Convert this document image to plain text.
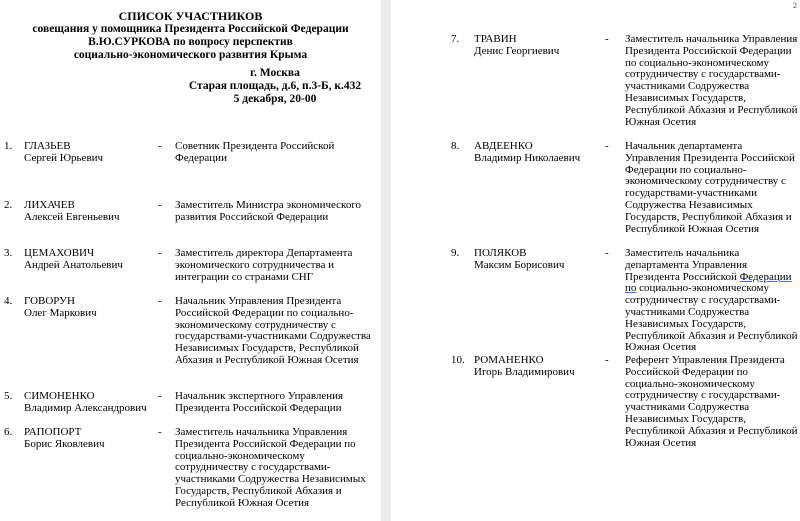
СПИСОК УЧАСТНИКОВ
совещания у помощника Президента Российской Федерации
В.Ю.СУРКОВА по вопросу перспектив
социально-экономического развития Крыма
г. Москва
Старая площадь, д.6, п.3-Б, к.432
5 декабря, 20-00
1. ГЛАЗЬЕВ
Сергей Юрьевич
- Советник Президента Российской Федерации
2. ЛИХАЧЕВ
Алексей Евгеньевич
- Заместитель Министра экономического развития Российской Федерации
3. ЦЕМАХОВИЧ
Андрей Анатольевич
- Заместитель директора Департамента экономического сотрудничества и интеграции со странами СНГ
4. ГОВОРУН
Олег Маркович
- Начальник Управления Президента Российской Федерации по социально-экономическому сотрудничеству с государствами-участниками Содружества Независимых Государств, Республикой Абхазия и Республикой Южная Осетия
5. СИМОНЕНКО
Владимир Александрович
- Начальник экспертного Управления Президента Российской Федерации
6. РАПОПОРТ
Борис Яковлевич
- Заместитель начальника Управления Президента Российской Федерации по социально-экономическому сотрудничеству с государствами-участниками Содружества Независимых Государств, Республикой Абхазия и Республикой Южная Осетия
2
7. ТРАВИН
Денис Георгиевич
- Заместитель начальника Управления Президента Российской Федерации по социально-экономическому сотрудничеству с государствами-участниками Содружества Независимых Государств, Республикой Абхазия и Республикой Южная Осетия
8. АВДЕЕНКО
Владимир Николаевич
- Начальник департамента Управления Президента Российской Федерации по социально-экономическому сотрудничеству с государствами-участниками Содружества Независимых Государств, Республикой Абхазия и Республикой Южная Осетия
9. ПОЛЯКОВ
Максим Борисович
- Заместитель начальника департамента Управления Президента Российской Федерации по социально-экономическому сотрудничеству с государствами-участниками Содружества Независимых Государств, Республикой Абхазия и Республикой Южная Осетия
10. РОМАНЕНКО
Игорь Владимирович
- Референт Управления Президента Российской Федерации по социально-экономическому сотрудничеству с государствами-участниками Содружества Независимых Государств, Республикой Абхазия и Республикой Южная Осетия
